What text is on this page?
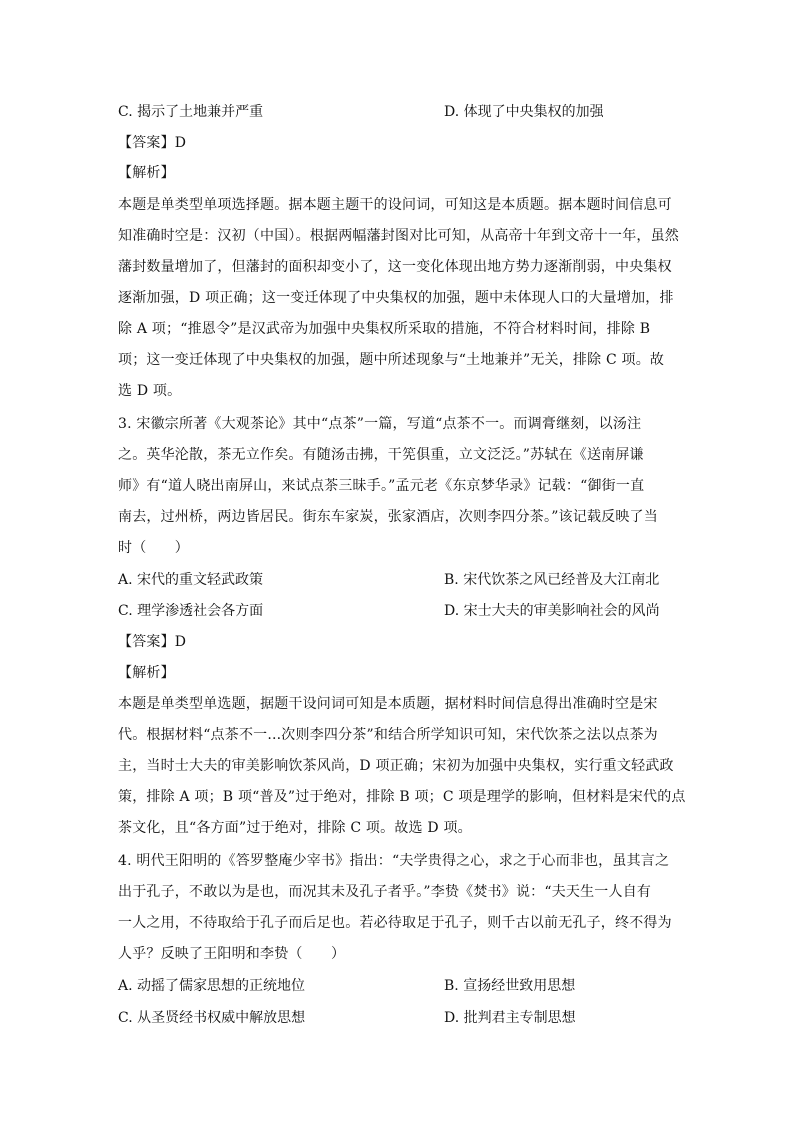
C. 揭示了土地兼并严重	D. 体现了中央集权的加强
【答案】D
【解析】
本题是单类型单项选择题。据本题主题干的设问词，可知这是本质题。据本题时间信息可
知准确时空是：汉初（中国）。根据两幅藩封图对比可知，从高帝十年到文帝十一年，虽然
藩封数量增加了，但藩封的面积却变小了，这一变化体现出地方势力逐渐削弱，中央集权
逐渐加强，D 项正确；这一变迁体现了中央集权的加强，题中未体现人口的大量增加，排
除 A 项；“推恩令”是汉武帝为加强中央集权所采取的措施，不符合材料时间，排除 B
项；这一变迁体现了中央集权的加强，题中所述现象与“土地兼并”无关，排除 C 项。故
选 D 项。
3. 宋徽宗所著《大观茶论》其中“点茶”一篇，写道“点茶不一。而调膏继刻，以汤注
之。英华沦散，茶无立作矣。有随汤击拂，干筅俱重，立文泛泛。”苏轼在《送南屏谦
师》有“道人晓出南屏山，来试点茶三昧手。”孟元老《东京梦华录》记载：“御街一直
南去，过州桥，两边皆居民。街东车家炭，张家酒店，次则李四分茶。”该记载反映了当
时（　　）
A. 宋代的重文轻武政策	B. 宋代饮茶之风已经普及大江南北
C. 理学渗透社会各方面	D. 宋士大夫的审美影响社会的风尚
【答案】D
【解析】
本题是单类型单选题，据题干设问词可知是本质题，据材料时间信息得出准确时空是宋
代。根据材料“点茶不一...次则李四分茶”和结合所学知识可知，宋代饮茶之法以点茶为
主，当时士大夫的审美影响饮茶风尚，D 项正确；宋初为加强中央集权，实行重文轻武政
策，排除 A 项；B 项“普及”过于绝对，排除 B 项；C 项是理学的影响，但材料是宋代的点
茶文化，且“各方面”过于绝对，排除 C 项。故选 D 项。
4. 明代王阳明的《答罗整庵少宰书》指出：“夫学贵得之心，求之于心而非也，虽其言之
出于孔子，不敢以为是也，而况其未及孔子者乎。”李贽《焚书》说：“夫天生一人自有
一人之用，不待取给于孔子而后足也。若必待取足于孔子，则千古以前无孔子，终不得为
人乎？反映了王阳明和李贽（　　）
A. 动摇了儒家思想的正统地位	B. 宣扬经世致用思想
C. 从圣贤经书权威中解放思想	D. 批判君主专制思想
